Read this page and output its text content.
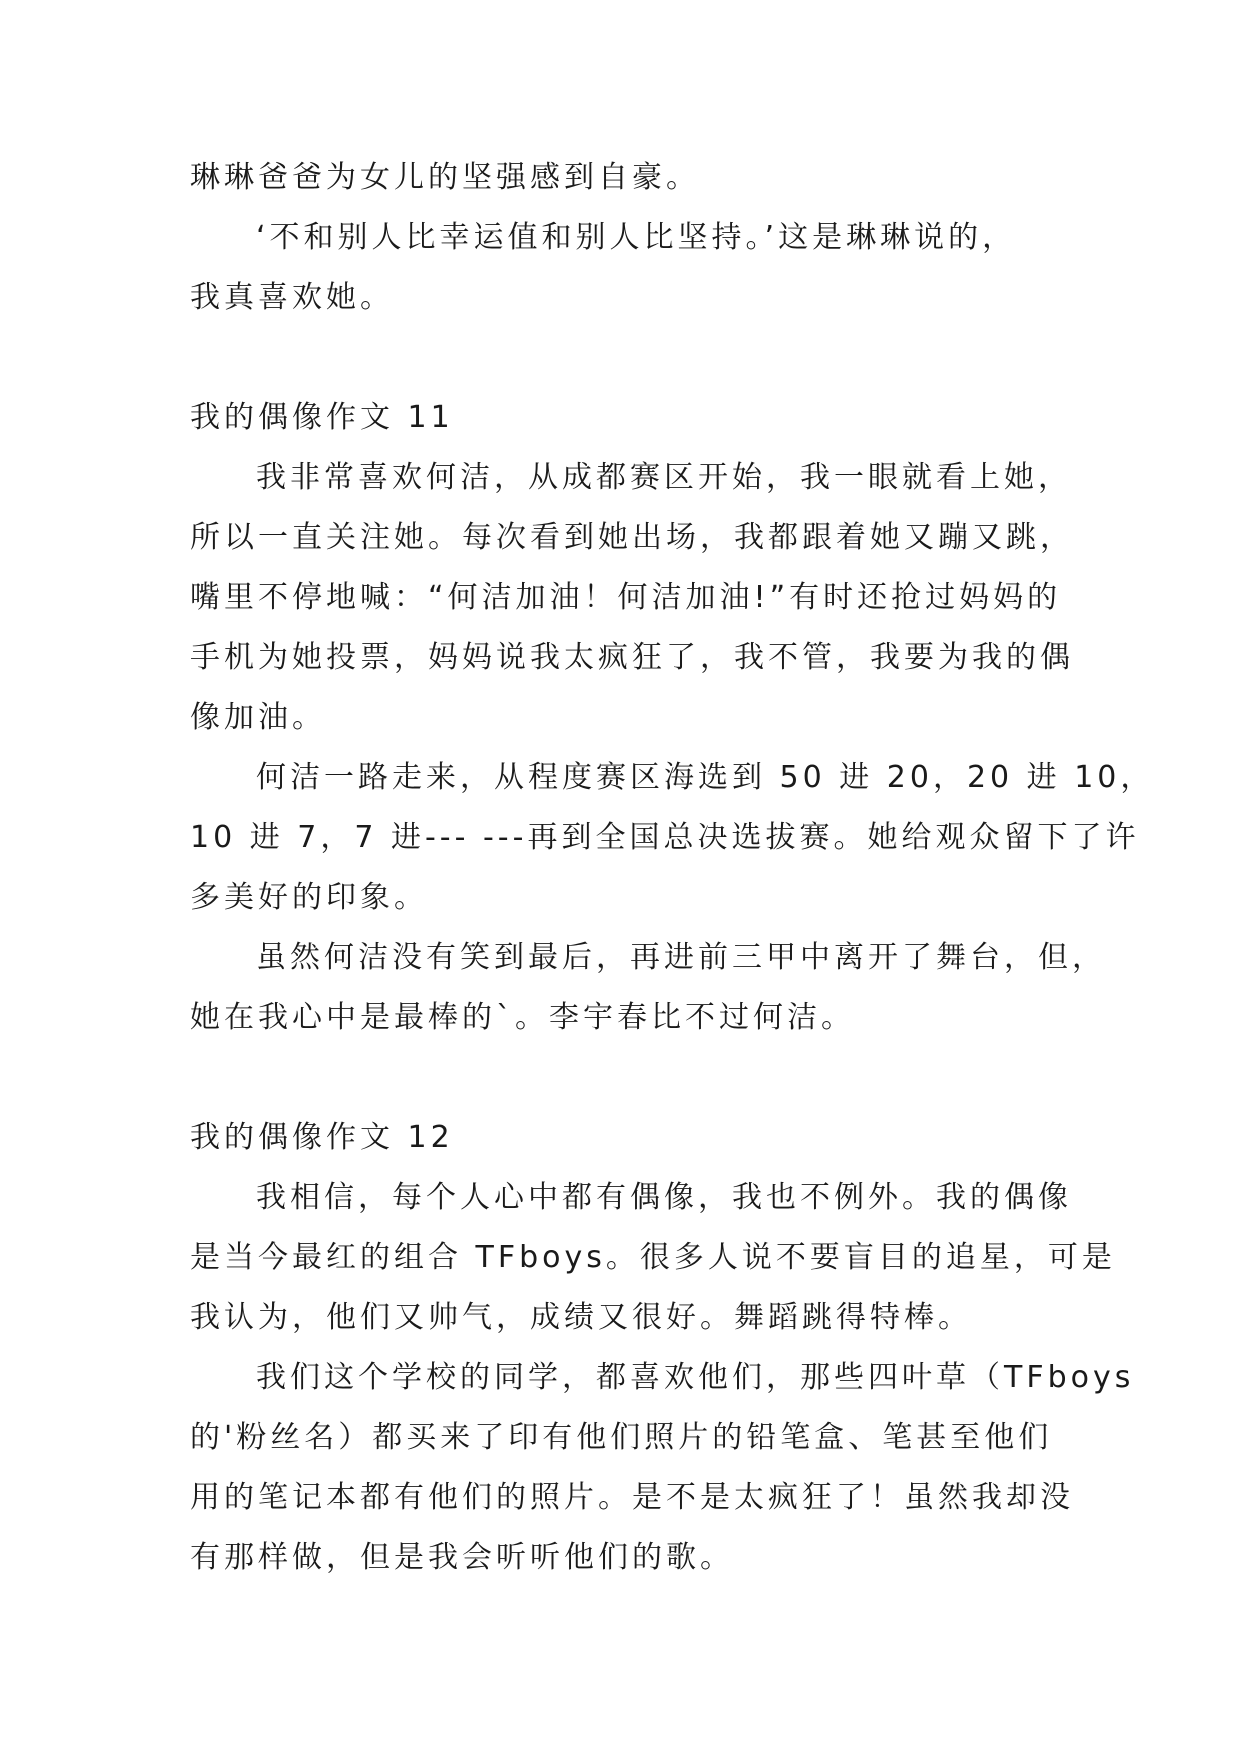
琳琳爸爸为女儿的坚强感到自豪。
‘不和别人比幸运值和别人比坚持。’这是琳琳说的，
我真喜欢她。
我的偶像作文 11
我非常喜欢何洁，从成都赛区开始，我一眼就看上她，
所以一直关注她。每次看到她出场，我都跟着她又蹦又跳，
嘴里不停地喊：“何洁加油！何洁加油!”有时还抢过妈妈的
手机为她投票，妈妈说我太疯狂了，我不管，我要为我的偶
像加油。
何洁一路走来，从程度赛区海选到 50 进 20，20 进 10，
10 进 7，7 进--- ---再到全国总决选拔赛。她给观众留下了许
多美好的印象。
虽然何洁没有笑到最后，再进前三甲中离开了舞台，但，
她在我心中是最棒的`。李宇春比不过何洁。
我的偶像作文 12
我相信，每个人心中都有偶像，我也不例外。我的偶像
是当今最红的组合 TFboys。很多人说不要盲目的追星，可是
我认为，他们又帅气，成绩又很好。舞蹈跳得特棒。
我们这个学校的同学，都喜欢他们，那些四叶草（TFboys
的'粉丝名）都买来了印有他们照片的铅笔盒、笔甚至他们
用的笔记本都有他们的照片。是不是太疯狂了！虽然我却没
有那样做，但是我会听听他们的歌。
